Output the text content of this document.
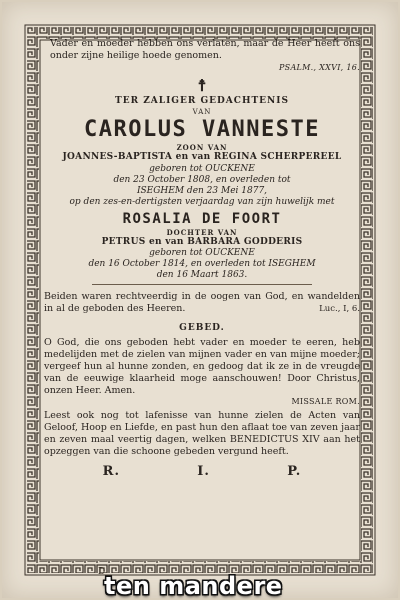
Vader en moeder hebben ons verlaten, maar de Heer heeft ons onder zijne heilige hoede genomen.
PSALM., XXVI, 16.
☨
TER ZALIGER GEDACHTENIS
VAN
CAROLUS VANNESTE
ZOON VAN
JOANNES-BAPTISTA en van REGINA SCHERPEREEL
geboren tot OUCKENE
den 23 October 1808, en overleden tot
ISEGHEM den 23 Mei 1877,
op den zes-en-dertigsten verjaardag van zijn huwelijk met
ROSALIA DE FOORT
DOCHTER VAN
PETRUS en van BARBARA GODDERIS
geboren tot OUCKENE
den 16 October 1814, en overleden tot ISEGHEM
den 16 Maart 1863.
Beiden waren rechtveerdig in de oogen van God, en wandelden in al de geboden des Heeren.	Luc., I, 6.
GEBED.
O God, die ons geboden hebt vader en moeder te eeren, heb medelijden met de zielen van mijnen vader en van mijne moeder; vergeef hun al hunne zonden, en gedoog dat ik ze in de vreugde van de eeuwige klaarheid moge aanschouwen! Door Christus, onzen Heer. Amen.
MISSALE ROM.
Leest ook nog tot lafenisse van hunne zielen de Acten van Geloof, Hoop en Liefde, en past hun den aflaat toe van zeven jaar en zeven maal veertig dagen, welken BENEDICTUS XIV aan het opzeggen van die schoone gebeden vergund heeft.
R.	I.	P.
D
ten mandere
